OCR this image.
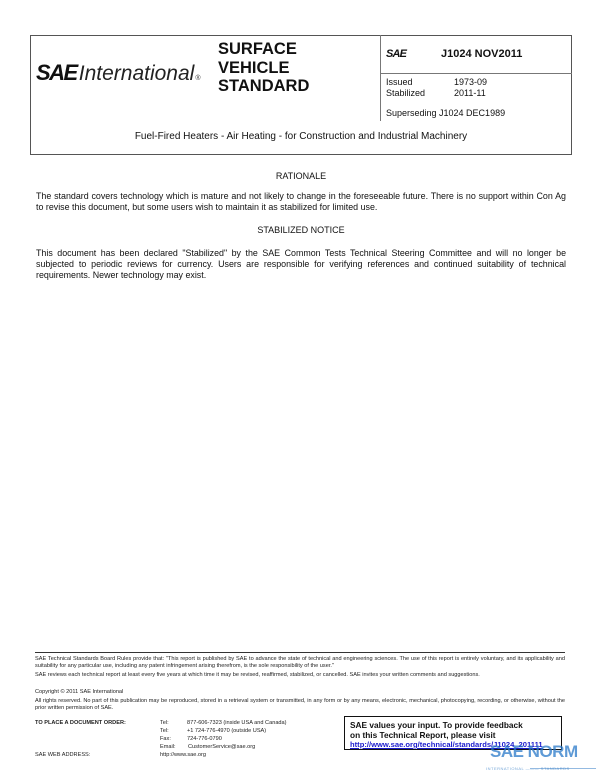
SAE International ®
SURFACE
VEHICLE
STANDARD
SAE	J1024 NOV2011
Issued	1973-09
Stabilized	2011-11
Superseding J1024 DEC1989
Fuel-Fired Heaters - Air Heating - for Construction and Industrial Machinery
RATIONALE
The standard covers technology which is mature and not likely to change in the foreseeable future. There is no support within Con Ag to revise this document, but some users wish to maintain it as stabilized for limited use.
STABILIZED NOTICE
This document has been declared "Stabilized" by the SAE Common Tests Technical Steering Committee and will no longer be subjected to periodic reviews for currency. Users are responsible for verifying references and continued suitability of technical requirements. Newer technology may exist.
SAE Technical Standards Board Rules provide that: "This report is published by SAE to advance the state of technical and engineering sciences. The use of this report is entirely voluntary, and its applicability and suitability for any particular use, including any patent infringement arising therefrom, is the sole responsibility of the user."
SAE reviews each technical report at least every five years at which time it may be revised, reaffirmed, stabilized, or cancelled. SAE invites your written comments and suggestions.
Copyright © 2011 SAE International
All rights reserved. No part of this publication may be reproduced, stored in a retrieval system or transmitted, in any form or by any means, electronic, mechanical, photocopying, recording, or otherwise, without the prior written permission of SAE.
TO PLACE A DOCUMENT ORDER:	Tel:	877-606-7323 (inside USA and Canada)
Tel:	+1 724-776-4970 (outside USA)
Fax:	724-776-0790
Email: CustomerService@sae.org
SAE WEB ADDRESS:	http://www.sae.org
SAE values your input. To provide feedback
on this Technical Report, please visit
http://www.sae.org/technical/standards/J1024_201111
SAE NORM
INTERNATIONAL ——— STANDARDS
